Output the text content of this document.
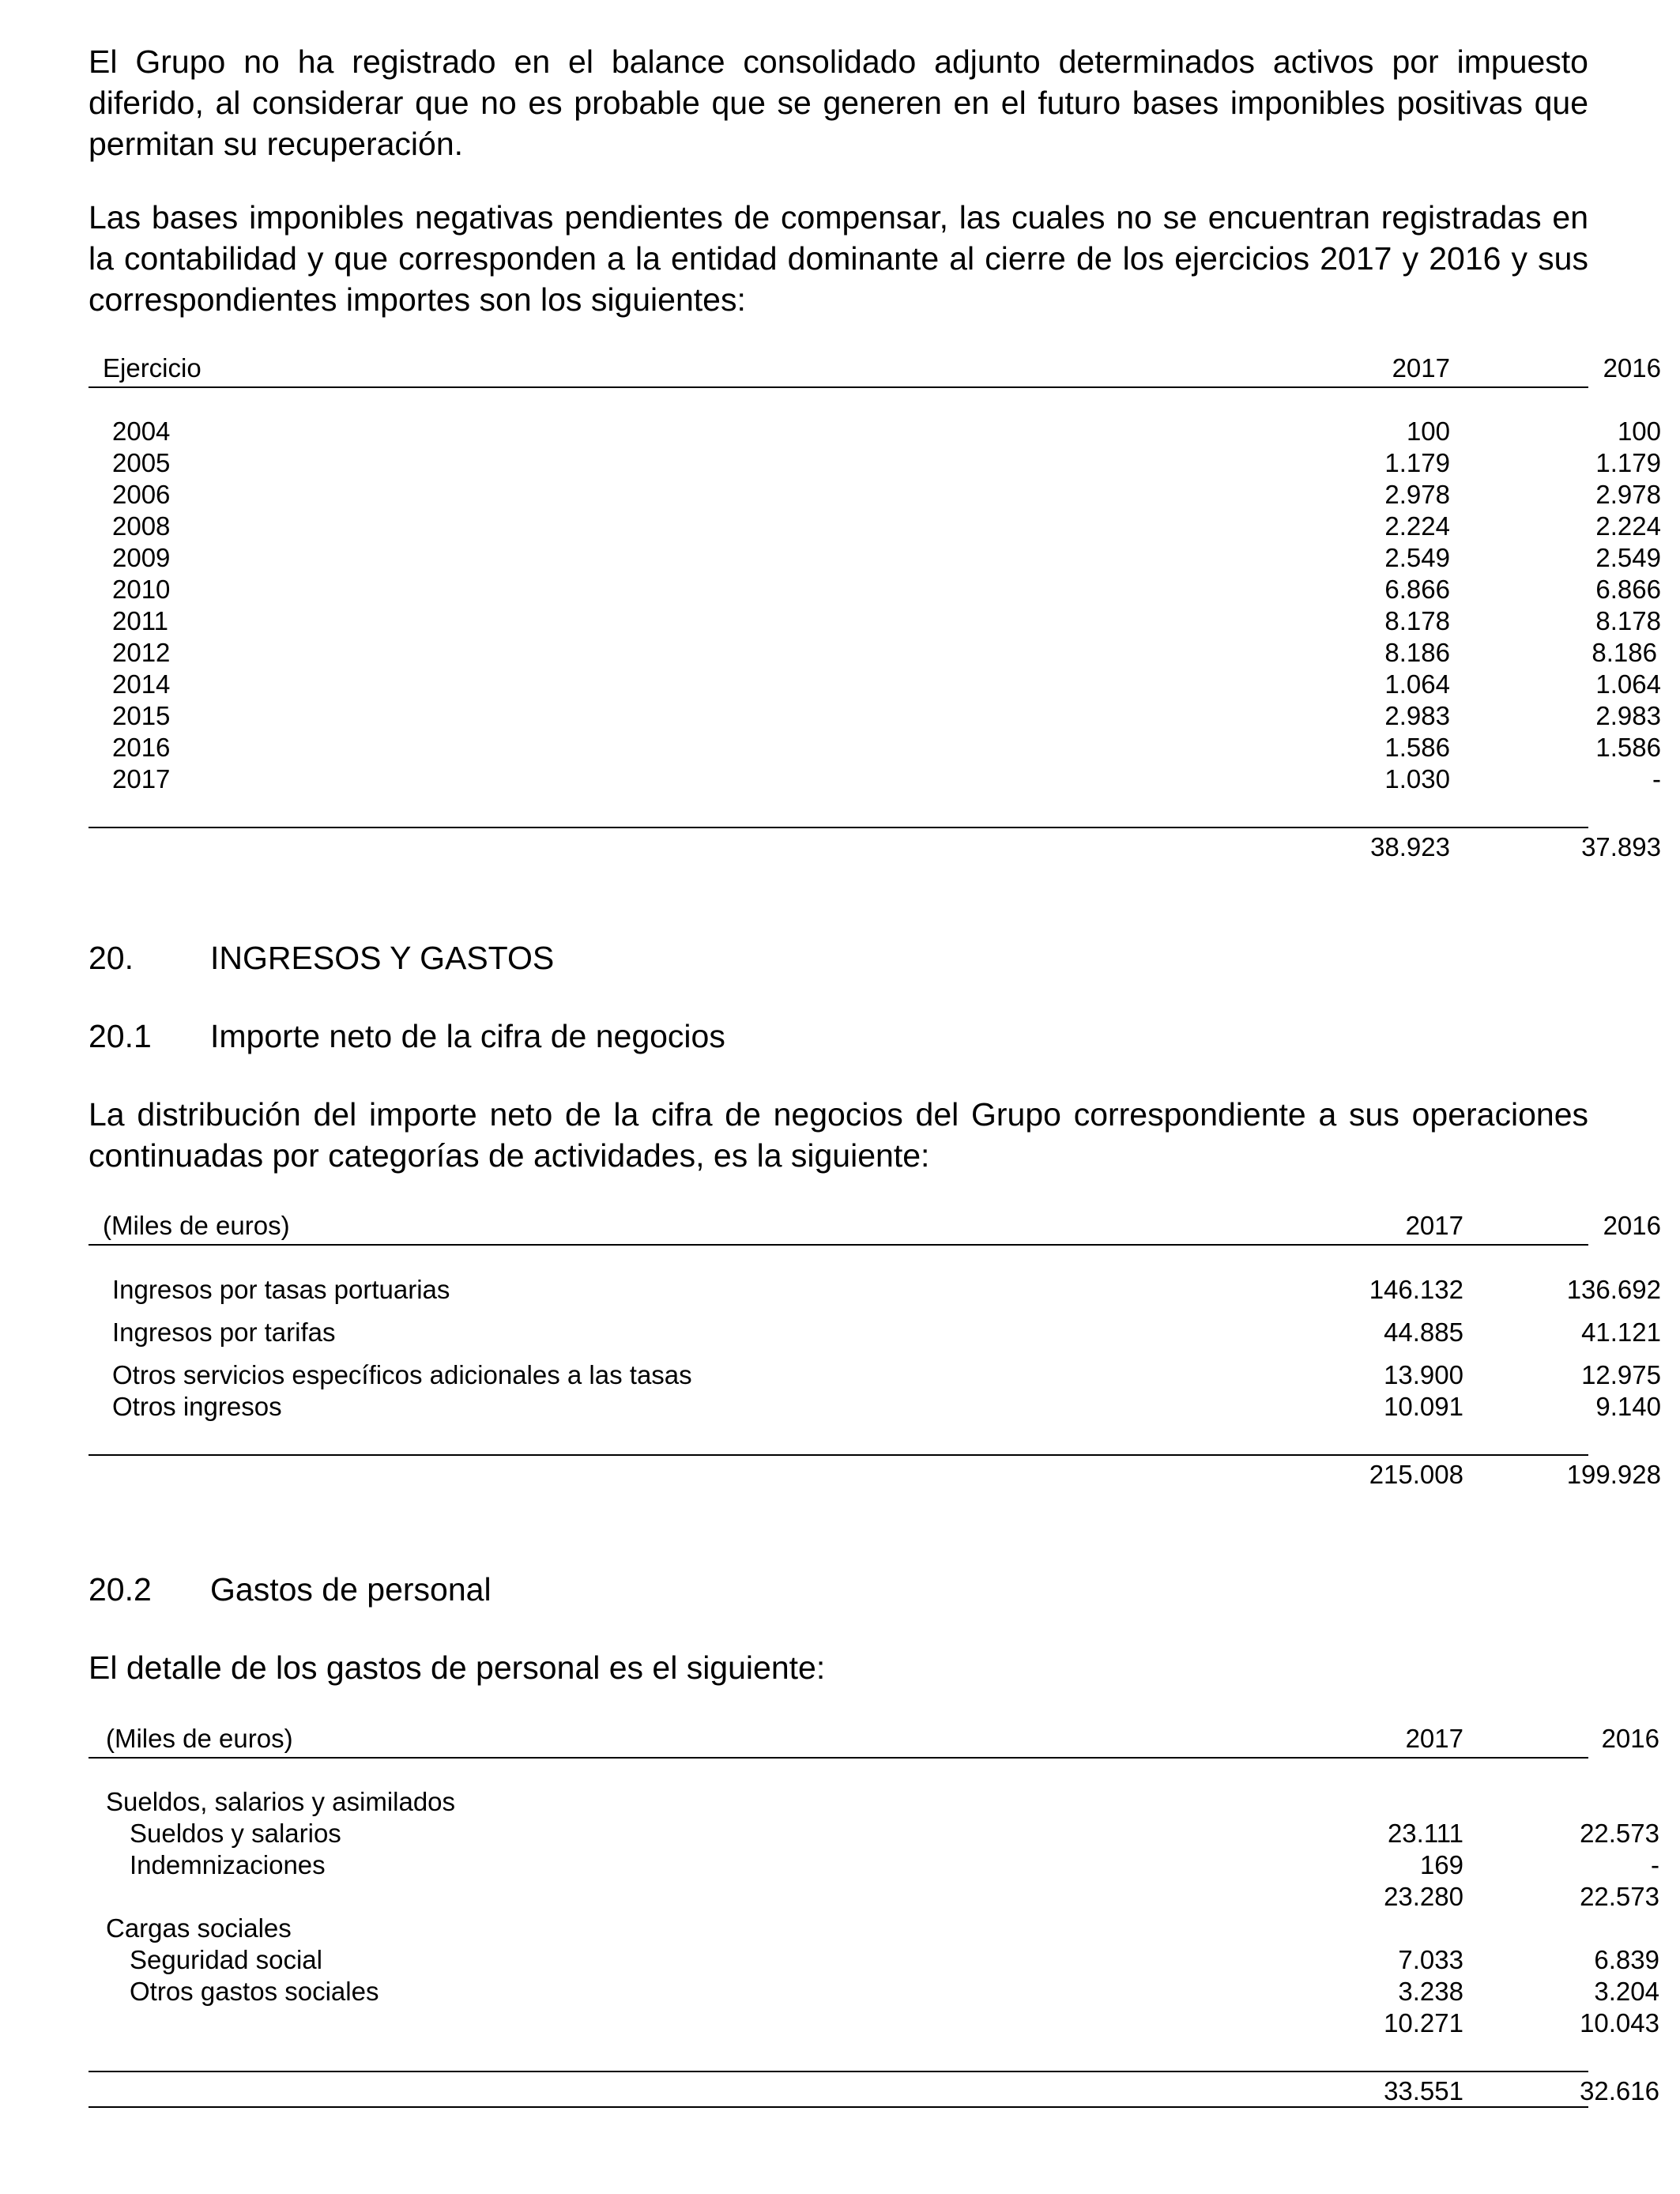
El Grupo no ha registrado en el balance consolidado adjunto determinados activos por impuesto diferido, al considerar que no es probable que se generen en el futuro bases imponibles positivas que permitan su recuperación.

Las bases imponibles negativas pendientes de compensar, las cuales no se encuentran registradas en la contabilidad y que corresponden a la entidad dominante al cierre de los ejercicios 2017 y 2016 y sus correspondientes importes son los siguientes:

Ejercicio	2017	2016
2004	100	100
2005	1.179	1.179
2006	2.978	2.978
2008	2.224	2.224
2009	2.549	2.549
2010	6.866	6.866
2011	8.178	8.178
2012	8.186	8.186
2014	1.064	1.064
2015	2.983	2.983
2016	1.586	1.586
2017	1.030	-
38.923	37.893
20. INGRESOS Y GASTOS
20.1 Importe neto de la cifra de negocios

La distribución del importe neto de la cifra de negocios del Grupo correspondiente a sus operaciones continuadas por categorías de actividades, es la siguiente:

(Miles de euros)	2017	2016
Ingresos por tasas portuarias	146.132	136.692
Ingresos por tarifas	44.885	41.121
Otros servicios específicos adicionales a las tasas	13.900	12.975
Otros ingresos	10.091	9.140
215.008	199.928
20.2 Gastos de personal

El detalle de los gastos de personal es el siguiente:

(Miles de euros)	2017	2016
Sueldos, salarios y asimilados
Sueldos y salarios	23.111	22.573
Indemnizaciones	169	-
23.280	22.573
Cargas sociales
Seguridad social	7.033	6.839
Otros gastos sociales	3.238	3.204
10.271	10.043
33.551	32.616
